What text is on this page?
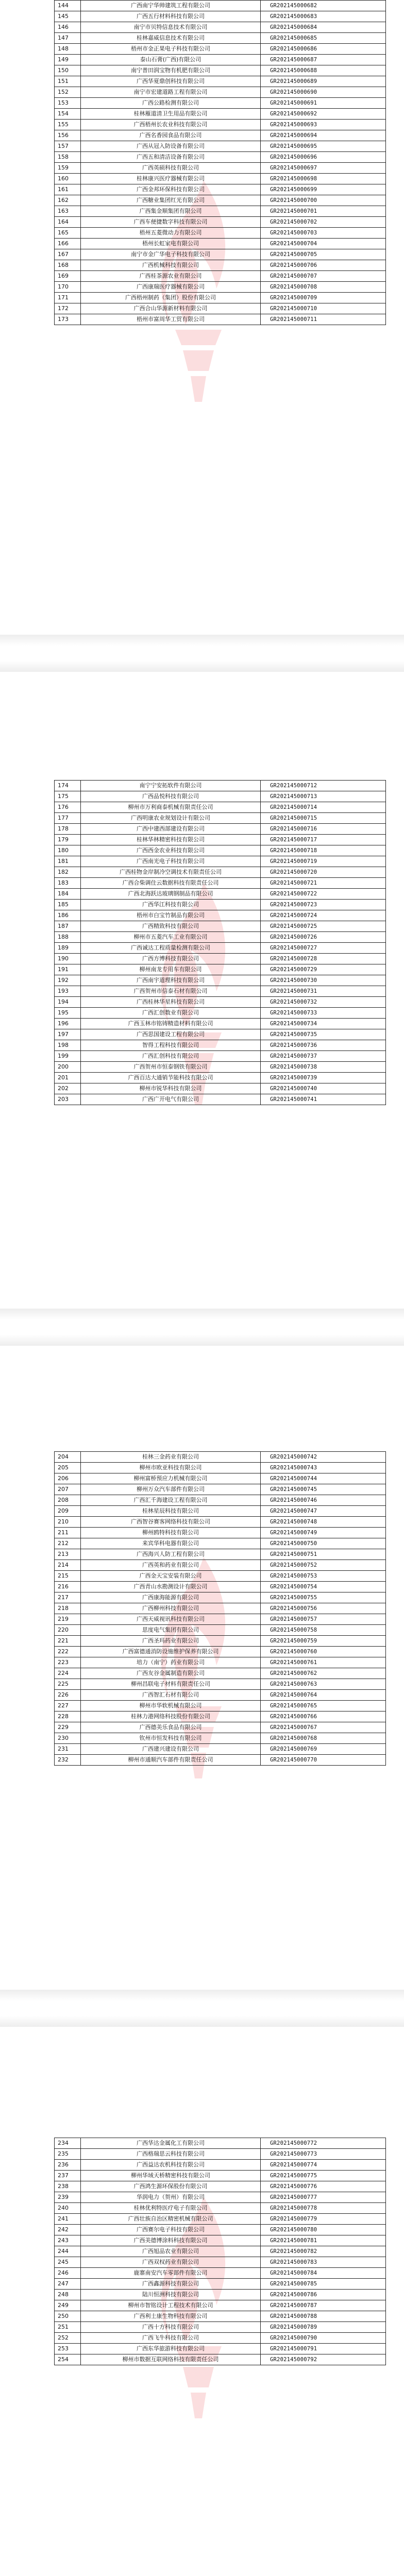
144	广西南宁华帅建筑工程有限公司	GR202145000682
145	广西五行材料科技有限公司	GR202145000683
146	南宁市贝特信息技术有限公司	GR202145000684
147	桂林嘉威信息技术有限公司	GR202145000685
148	梧州市金正果电子科技有限公司	GR202145000686
149	泰山石膏(广西)有限公司	GR202145000687
150	南宁普田润宝物有机肥有限公司	GR202145000688
151	广西华夏鼎创科技有限公司	GR202145000689
152	南宁市宏建道路工程有限公司	GR202145000690
153	广西公路检测有限公司	GR202145000691
154	桂林雁道清卫生用品有限公司	GR202145000692
155	广西梧州长农业科技有限公司	GR202145000693
156	广西名香园食品有限公司	GR202145000694
157	广西从冠入防设备有限公司	GR202145000695
158	广西五和清洁设备有限公司	GR202145000696
159	广西英硕科技有限公司	GR202145000697
160	桂林康兴医疗器械有限公司	GR202145000698
161	广西金邦环保科技有限公司	GR202145000699
162	广西糖业集团红光有限公司	GR202145000700
163	广西集金顺集团有限公司	GR202145000701
164	广西车便捷数字科技有限公司	GR202145000702
165	梧州五菱微动力有限公司	GR202145000703
166	梧州长虹家电有限公司	GR202145000704
167	南宁市金广华电子科技有限公司	GR202145000705
168	广西机械科技有限公司	GR202145000706
169	广西桂茶源农业有限公司	GR202145000707
170	广西康瑞医疗器械有限公司	GR202145000708
171	广西梧州制药（集团）股份有限公司	GR202145000709
172	广西合山华源新材料有限公司	GR202145000710
173	梧州市富周华工贸有限公司	GR202145000711
174	南宁宁安拓软件有限公司	GR202145000712
175	广西品悦科技有限公司	GR202145000713
176	柳州市万利商泰机械有限责任公司	GR202145000714
177	广西明康农业规划设计有限公司	GR202145000715
178	广西中建西部建设有限公司	GR202145000716
179	桂林华林精密科技有限公司	GR202145000717
180	广西西金农业科技有限公司	GR202145000718
181	广西南光电子科技有限公司	GR202145000719
182	广西桂物金岸制冷空调技术有限责任公司	GR202145000720
183	广西合柴调住云数据科技有限责任公司	GR202145000721
184	广西北海跃达玻璃钢制品有限公司	GR202145000722
185	广西华江科技有限公司	GR202145000723
186	梧州市白宝竹制品有限公司	GR202145000724
187	广西精致科技有限公司	GR202145000725
188	柳州市五菱汽车工业有限公司	GR202145000726
189	广西诚达工程质量检测有限公司	GR202145000727
190	广西方博科技有限公司	GR202145000728
191	柳州南龙专用车有限公司	GR202145000729
192	广西南宇道理科技有限公司	GR202145000730
193	广西贺州市信泰石材有限公司	GR202145000731
194	广西桂林华星科技有限公司	GR202145000732
195	广西汇创数业有限公司	GR202145000733
196	广西玉林市铭铸精造材料有限公司	GR202145000734
197	广西思国建设工程有限公司	GR202145000735
198	智得工程科技有限公司	GR202145000736
199	广西汇创科技有限公司	GR202145000737
200	广西贺州市恒泰钢铁有限公司	GR202145000738
201	广西百达大通销节能科技有限公司	GR202145000739
202	柳州市锐华科技有限公司	GR202145000740
203	广西广开电气有限公司	GR202145000741
204	桂林三金药业有限公司	GR202145000742
205	柳州市欧亚科技有限公司	GR202145000743
206	柳州富桥预应力机械有限公司	GR202145000744
207	柳州万众汽车部件有限公司	GR202145000745
208	广西汇千海建设工程有限公司	GR202145000746
209	桂林星辰科技有限公司	GR202145000747
210	广西智谷赛客网络科技有限公司	GR202145000748
211	柳州鸥特科技有限公司	GR202145000749
212	来宾华科电器有限公司	GR202145000750
213	广西海兴人防工程有限公司	GR202145000751
214	广西英和药业有限公司	GR202145000752
215	广西金天宝安装有限公司	GR202145000753
216	广西青山水勘测设计有限公司	GR202145000754
217	广西康海能源有限公司	GR202145000755
218	广西柳州科技有限公司	GR202145000756
219	广西天威视讯科技有限公司	GR202145000757
220	思度电气集团有限公司	GR202145000758
221	广西圣玛药业有限公司	GR202145000759
222	广西富德通消防设施维护保养有限公司	GR202145000760
223	培力（南宁）药业有限公司	GR202145000761
224	广西友谷金属制造有限公司	GR202145000762
225	柳州昌联电子材料有限责任公司	GR202145000763
226	广西智汇石材有限公司	GR202145000764
227	柳州市华软机械有限公司	GR202145000765
228	桂林力港网络科技股份有限公司	GR202145000766
229	广西德美乐食品有限公司	GR202145000767
230	钦州市恒发科技有限公司	GR202145000768
231	广西建兴建设有限公司	GR202145000769
232	柳州市通顺汽车部件有限责任公司	GR202145000770
234	广西华达金属化工有限公司	GR202145000772
235	广西格瑞思云科技有限公司	GR202145000773
236	广西益达农机科技有限公司	GR202145000774
237	柳州华域天桥精密科技有限公司	GR202145000775
238	广西鸿生源环保股份有限公司	GR202145000776
239	华润电力（贺州）有限公司	GR202145000777
240	桂林优利特医疗电子有限公司	GR202145000778
241	广西壮族自治区精密机械有限公司	GR202145000779
242	广西赛尔电子科技有限公司	GR202145000780
243	广西美德博涂料科技有限公司	GR202145000781
244	广西旭品农业有限公司	GR202145000782
245	广西双权药业有限公司	GR202145000783
246	鹿寨南安汽车零部件有限公司	GR202145000784
247	广西鑫源科技有限公司	GR202145000785
248	陆川恒洲科技有限公司	GR202145000786
249	柳州市智铭设计工程技术有限公司	GR202145000787
250	广西利士康生物科技有限公司	GR202145000788
251	广西十方科技有限公司	GR202145000789
252	广西飞牛科技有限公司	GR202145000790
253	广西东华旅游科技有限公司	GR202145000791
254	柳州市数据互联网络科技有限责任公司	GR202145000792
